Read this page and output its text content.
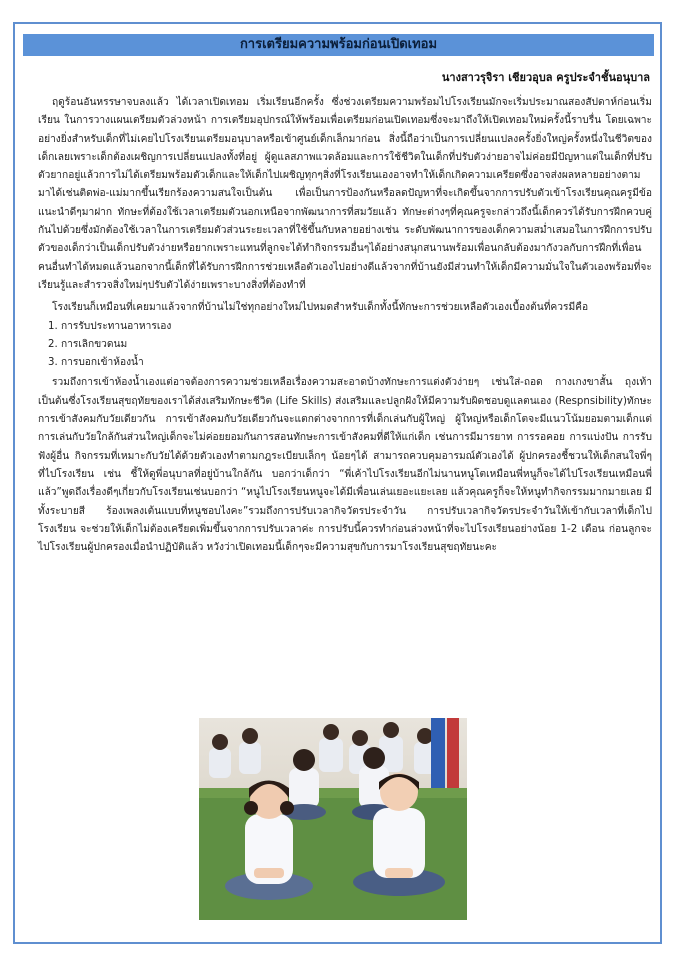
การเตรียมความพร้อมก่อนเปิดเทอม
นางสาวรุจิรา เชียวอุบล ครูประจำชั้นอนุบาล

ฤดูร้อนอันหรรษาจบลงแล้ว ได้เวลาเปิดเทอม เริ่มเรียนอีกครั้ง ซึ่งช่วงเตรียมความพร้อมไปโรงเรียนมักจะเริ่มประมาณสองสัปดาห์ก่อนเริ่มเรียน ในการวางแผนเตรียมตัวล่วงหน้า การเตรียมอุปกรณ์ให้พร้อมเพื่อเตรียมก่อนเปิดเทอมซึ่งจะมาถึงให้เปิดเทอมใหม่ครั้งนี้ราบรื่น โดยเฉพาะอย่างยิ่งสำหรับเด็กที่ไม่เคยไปโรงเรียนเตรียมอนุบาลหรือเข้าศูนย์เด็กเล็กมาก่อน สิ่งนี้ถือว่าเป็นการเปลี่ยนแปลงครั้งยิ่งใหญ่ครั้งหนึ่งในชีวิตของเด็กเลยเพราะเด็กต้องเผชิญการเปลี่ยนแปลงทั้งที่อยู่ ผู้ดูแลสภาพแวดล้อมและการใช้ชีวิตในเด็กที่ปรับตัวง่ายอาจไม่ค่อยมีปัญหาแต่ในเด็กที่ปรับตัวยากอยู่แล้วการไม่ได้เตรียมพร้อมตัวเด็กและให้เด็กไปเผชิญทุกๆสิ่งที่โรงเรียนเองอาจทำให้เด็กเกิดความเครียดซึ่งอาจส่งผลหลายอย่างตามมาได้เช่นติดพ่อ-แม่มากขึ้นเรียกร้องความสนใจเป็นต้น เพื่อเป็นการป้องกันหรือลดปัญหาที่จะเกิดขึ้นจากการปรับตัวเข้าโรงเรียนคุณครูมีข้อแนะนำดีๆมาฝาก ทักษะที่ต้องใช้เวลาเตรียมตัวนอกเหนือจากพัฒนาการที่สมวัยแล้ว ทักษะต่างๆที่คุณครูจะกล่าวถึงนี้เด็กควรได้รับการฝึกควบคู่กันไปด้วยซึ่งมักต้องใช้เวลาในการเตรียมตัวส่วนระยะเวลาที่ใช้ขึ้นกับหลายอย่างเช่น ระดับพัฒนาการของเด็กความสม่ำเสมอในการฝึกการปรับตัวของเด็กว่าเป็นเด็กปรับตัวง่ายหรือยากเพราะแทนที่ลูกจะได้ทำกิจกรรมอื่นๆได้อย่างสนุกสนานพร้อมเพื่อนกลับต้องมากังวลกับการฝึกที่เพื่อนคนอื่นทำได้หมดแล้วนอกจากนี้เด็กที่ได้รับการฝึกการช่วยเหลือตัวเองไปอย่างดีแล้วจากที่บ้านยังมีส่วนทำให้เด็กมีความมั่นใจในตัวเองพร้อมที่จะเรียนรู้และสำรวจสิ่งใหม่ๆปรับตัวได้ง่ายเพราะบางสิ่งที่ต้องทำที่

โรงเรียนก็เหมือนที่เคยมาแล้วจากที่บ้านไม่ใช่ทุกอย่างใหม่ไปหมดสำหรับเด็กทั้งนี้ทักษะการช่วยเหลือตัวเองเบื้องต้นที่ควรมีคือ

1. การรับประทานอาหารเอง
2. การเลิกขวดนม
3. การบอกเข้าห้องน้ำ

รวมถึงการเข้าห้องน้ำเองแต่อาจต้องการความช่วยเหลือเรื่องความสะอาดบ้างทักษะการแต่งตัวง่ายๆ เช่นใส่-ถอด กางเกงขาสั้น ถุงเท้าเป็นต้นซึ่งโรงเรียนสุขฤทัยของเราได้ส่งเสริมทักษะชีวิต (Life Skills) ส่งเสริมและปลูกฝังให้มีความรับผิดชอบดูแลตนเอง (Respnsibility)ทักษะการเข้าสังคมกับวัยเดียวกัน การเข้าสังคมกับวัยเดียวกันจะแตกต่างจากการที่เด็กเล่นกับผู้ใหญ่ ผู้ใหญ่หรือเด็กโตจะมีแนวโน้มยอมตามเด็กแต่การเล่นกับวัยใกล้กันส่วนใหญ่เด็กจะไม่ค่อยยอมกันการสอนทักษะการเข้าสังคมที่ดีให้แก่เด็ก เช่นการมีมารยาท การรอคอย การแบ่งปัน การรับฟังผู้อื่น กิจกรรมที่เหมาะกับวัยได้ด้วยตัวเองทำตามกฎระเบียบเล็กๆ น้อยๆได้ สามารถควบคุมอารมณ์ตัวเองได้ ผู้ปกครองชี้ชวนให้เด็กสนใจพี่ๆ ที่ไปโรงเรียน เช่น ชี้ให้ดูพี่อนุบาลที่อยู่บ้านใกล้กัน บอกว่าเด็กว่า “พี่เค้าไปโรงเรียนอีกไม่นานหนูโตเหมือนพี่หนูก็จะได้ไปโรงเรียนเหมือนพี่แล้ว”พูดถึงเรื่องดีๆเกี่ยวกับโรงเรียนเช่นบอกว่า “หนูไปโรงเรียนหนูจะได้มีเพื่อนเล่นเยอะแยะเลย แล้วคุณครูก็จะให้หนูทำกิจกรรมมากมายเลย มีทั้งระบายสี ร้องเพลงเต้นแบบที่หนูชอบไงคะ”รวมถึงการปรับเวลากิจวัตรประจำวัน การปรับเวลากิจวัตรประจำวันให้เข้ากับเวลาที่เด็กไปโรงเรียน จะช่วยให้เด็กไม่ต้องเครียดเพิ่มขึ้นจากการปรับเวลาค่ะ การปรับนี้ควรทำก่อนล่วงหน้าที่จะไปโรงเรียนอย่างน้อย 1-2 เดือน ก่อนลูกจะไปโรงเรียนผู้ปกครองเมื่อนำปฏิบัติแล้ว หวังว่าเปิดเทอมนี้เด็กๆจะมีความสุขกับการมาโรงเรียนสุขฤทัยนะคะ
